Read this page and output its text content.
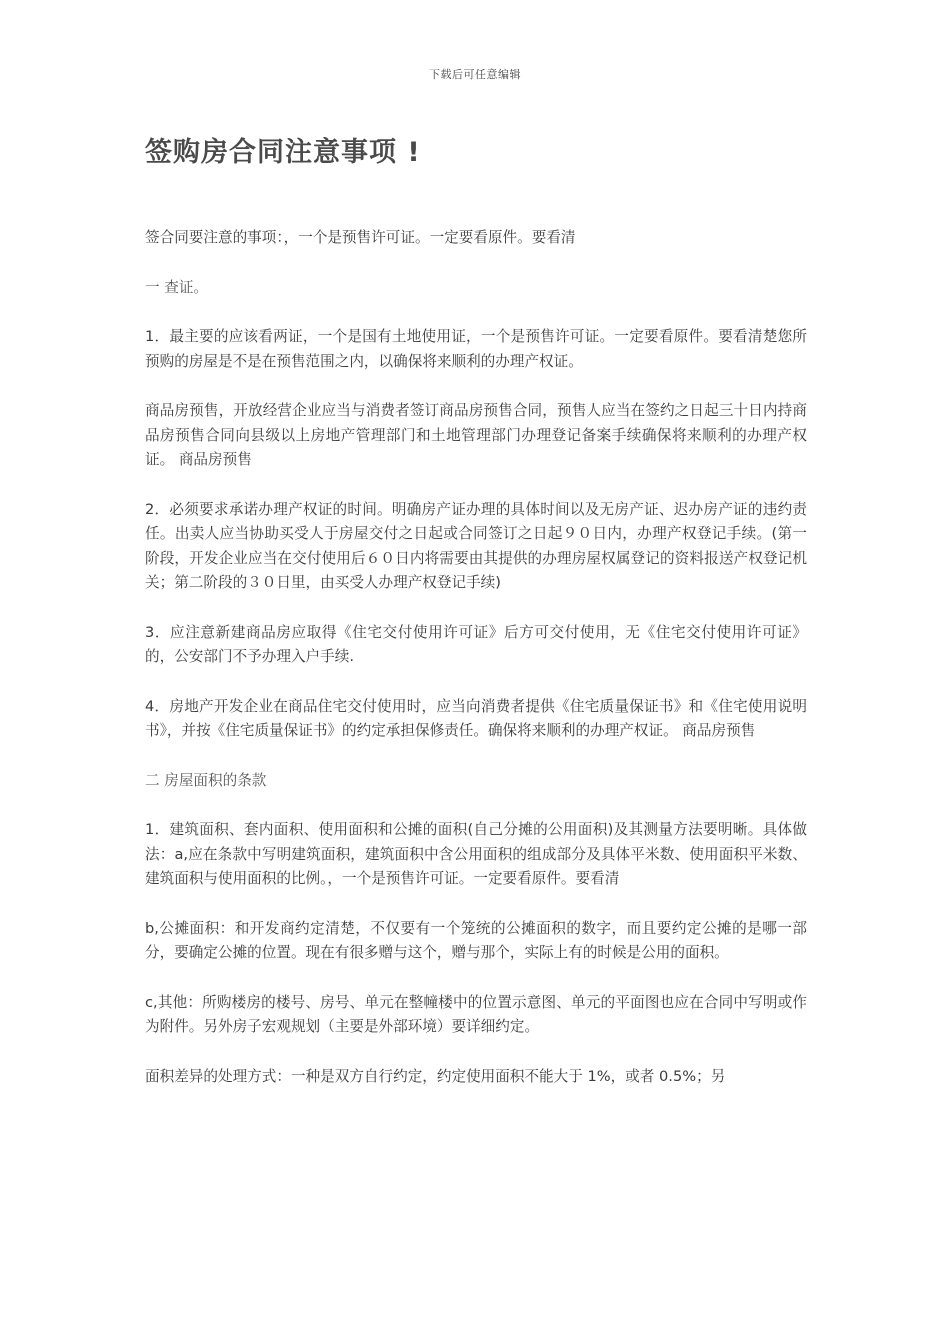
下载后可任意编辑
签购房合同注意事项 !

签合同要注意的事项：，一个是预售许可证。一定要看原件。要看清

一 查证。

1．最主要的应该看两证，一个是国有土地使用证，一个是预售许可证。一定要看原件。要看清楚您所预购的房屋是不是在预售范围之内，以确保将来顺利的办理产权证。

商品房预售，开放经营企业应当与消费者签订商品房预售合同，预售人应当在签约之日起三十日内持商品房预售合同向县级以上房地产管理部门和土地管理部门办理登记备案手续确保将来顺利的办理产权证。 商品房预售

2．必须要求承诺办理产权证的时间。明确房产证办理的具体时间以及无房产证、迟办房产证的违约责任。出卖人应当协助买受人于房屋交付之日起或合同签订之日起９０日内，办理产权登记手续。(第一阶段，开发企业应当在交付使用后６０日内将需要由其提供的办理房屋权属登记的资料报送产权登记机关；第二阶段的３０日里，由买受人办理产权登记手续)

3．应注意新建商品房应取得《住宅交付使用许可证》后方可交付使用，无《住宅交付使用许可证》的，公安部门不予办理入户手续.

4．房地产开发企业在商品住宅交付使用时，应当向消费者提供《住宅质量保证书》和《住宅使用说明书》，并按《住宅质量保证书》的约定承担保修责任。确保将来顺利的办理产权证。 商品房预售

二 房屋面积的条款

1．建筑面积、套内面积、使用面积和公摊的面积(自己分摊的公用面积)及其测量方法要明晰。具体做法：a,应在条款中写明建筑面积，建筑面积中含公用面积的组成部分及具体平米数、使用面积平米数、建筑面积与使用面积的比例。，一个是预售许可证。一定要看原件。要看清

b,公摊面积：和开发商约定清楚，不仅要有一个笼统的公摊面积的数字，而且要约定公摊的是哪一部分，要确定公摊的位置。现在有很多赠与这个，赠与那个，实际上有的时候是公用的面积。

c,其他：所购楼房的楼号、房号、单元在整幢楼中的位置示意图、单元的平面图也应在合同中写明或作为附件。另外房子宏观规划（主要是外部环境）要详细约定。

面积差异的处理方式：一种是双方自行约定，约定使用面积不能大于 1%，或者 0.5%；另
